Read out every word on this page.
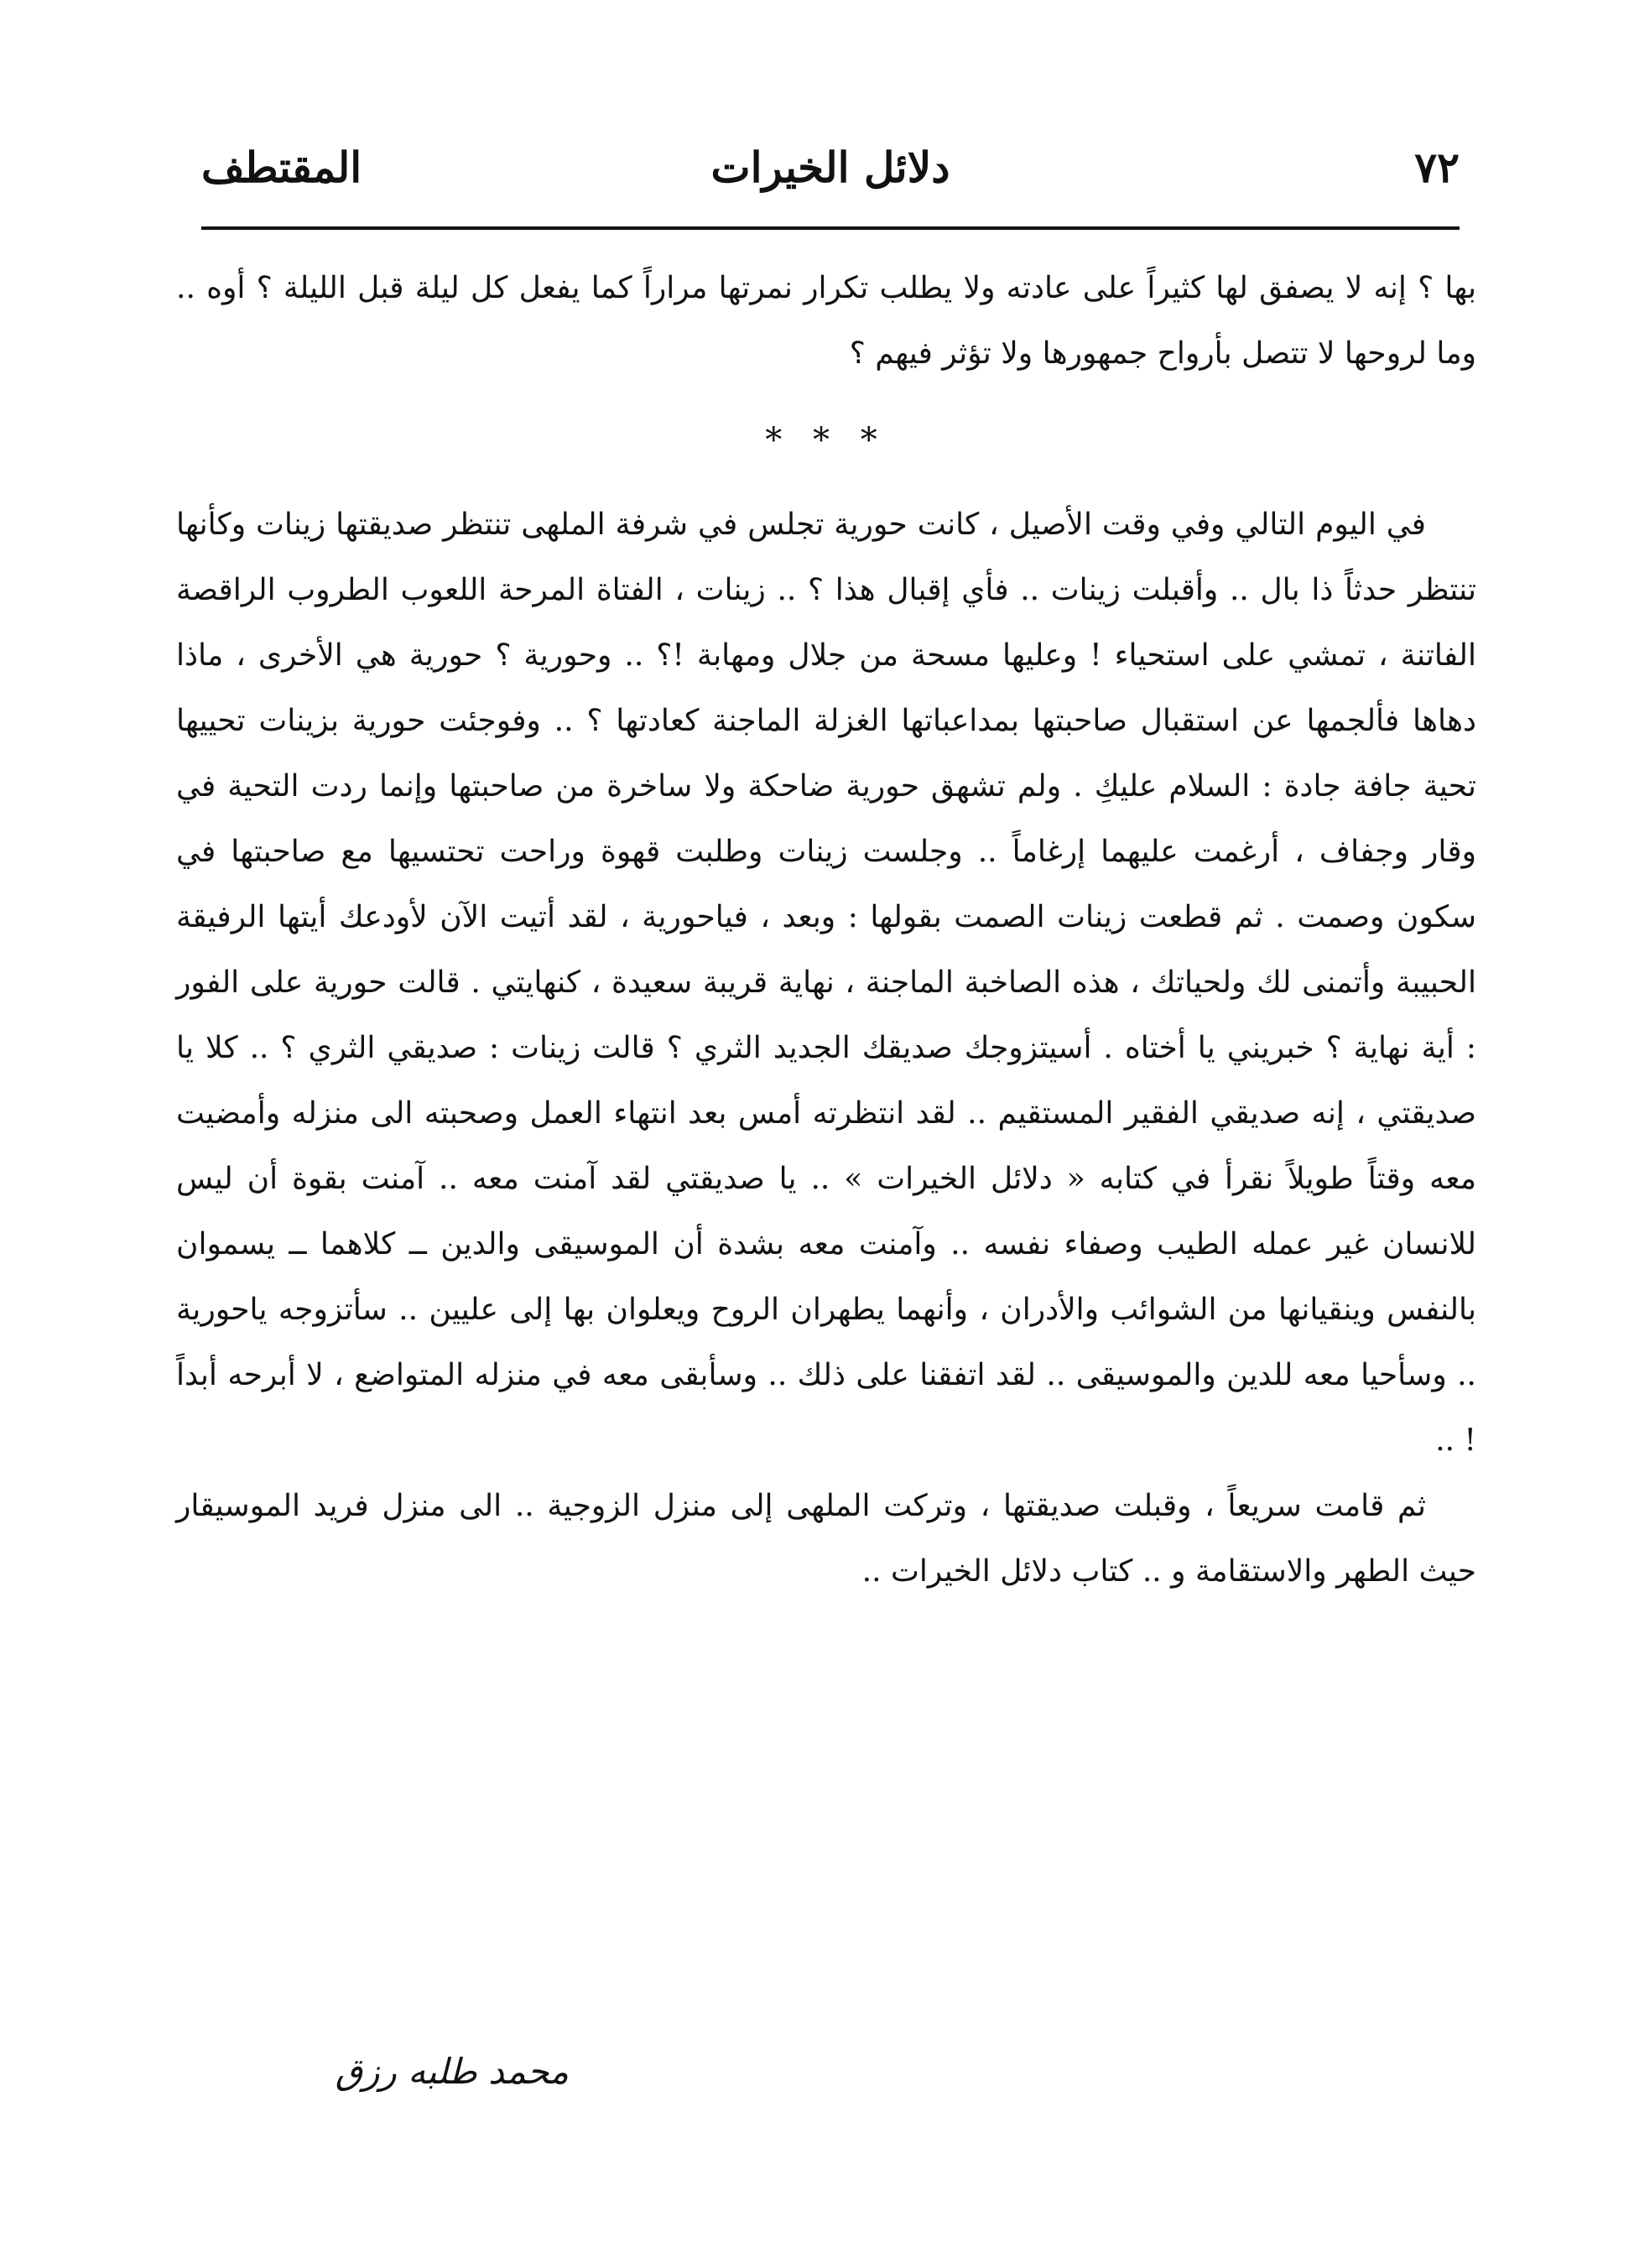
٧٢
دلائل الخيرات
المقتطف

بها ؟ إنه لا يصفق لها كثيراً على عادته ولا يطلب تكرار نمرتها مراراً كما يفعل كل ليلة قبل الليلة ؟ أوه .. وما لروحها لا تتصل بأرواح جمهورها ولا تؤثر فيهم ؟

* * *

في اليوم التالي وفي وقت الأصيل ، كانت حورية تجلس في شرفة الملهى تنتظر صديقتها زينات وكأنها تنتظر حدثاً ذا بال .. وأقبلت زينات .. فأي إقبال هذا ؟ .. زينات ، الفتاة المرحة اللعوب الطروب الراقصة الفاتنة ، تمشي على استحياء ! وعليها مسحة من جلال ومهابة !؟ .. وحورية ؟ حورية هي الأخرى ، ماذا دهاها فألجمها عن استقبال صاحبتها بمداعباتها الغزلة الماجنة كعادتها ؟ .. وفوجئت حورية بزينات تحييها تحية جافة جادة : السلام عليكِ . ولم تشهق حورية ضاحكة ولا ساخرة من صاحبتها وإنما ردت التحية في وقار وجفاف ، أرغمت عليهما إرغاماً .. وجلست زينات وطلبت قهوة وراحت تحتسيها مع صاحبتها في سكون وصمت . ثم قطعت زينات الصمت بقولها : وبعد ، فياحورية ، لقد أتيت الآن لأودعك أيتها الرفيقة الحبيبة وأتمنى لك ولحياتك ، هذه الصاخبة الماجنة ، نهاية قريبة سعيدة ، كنهايتي . قالت حورية على الفور : أية نهاية ؟ خبريني يا أختاه . أسيتزوجك صديقك الجديد الثري ؟ قالت زينات : صديقي الثري ؟ .. كلا يا صديقتي ، إنه صديقي الفقير المستقيم .. لقد انتظرته أمس بعد انتهاء العمل وصحبته الى منزله وأمضيت معه وقتاً طويلاً نقرأ في كتابه « دلائل الخيرات » .. يا صديقتي لقد آمنت معه .. آمنت بقوة أن ليس للانسان غير عمله الطيب وصفاء نفسه .. وآمنت معه بشدة أن الموسيقى والدين ــ كلاهما ــ يسموان بالنفس وينقيانها من الشوائب والأدران ، وأنهما يطهران الروح ويعلوان بها إلى عليين .. سأتزوجه ياحورية .. وسأحيا معه للدين والموسيقى .. لقد اتفقنا على ذلك .. وسأبقى معه في منزله المتواضع ، لا أبرحه أبداً ! ..

ثم قامت سريعاً ، وقبلت صديقتها ، وتركت الملهى إلى منزل الزوجية .. الى منزل فريد الموسيقار حيث الطهر والاستقامة و .. كتاب دلائل الخيرات ..

محمد طلبه رزق
